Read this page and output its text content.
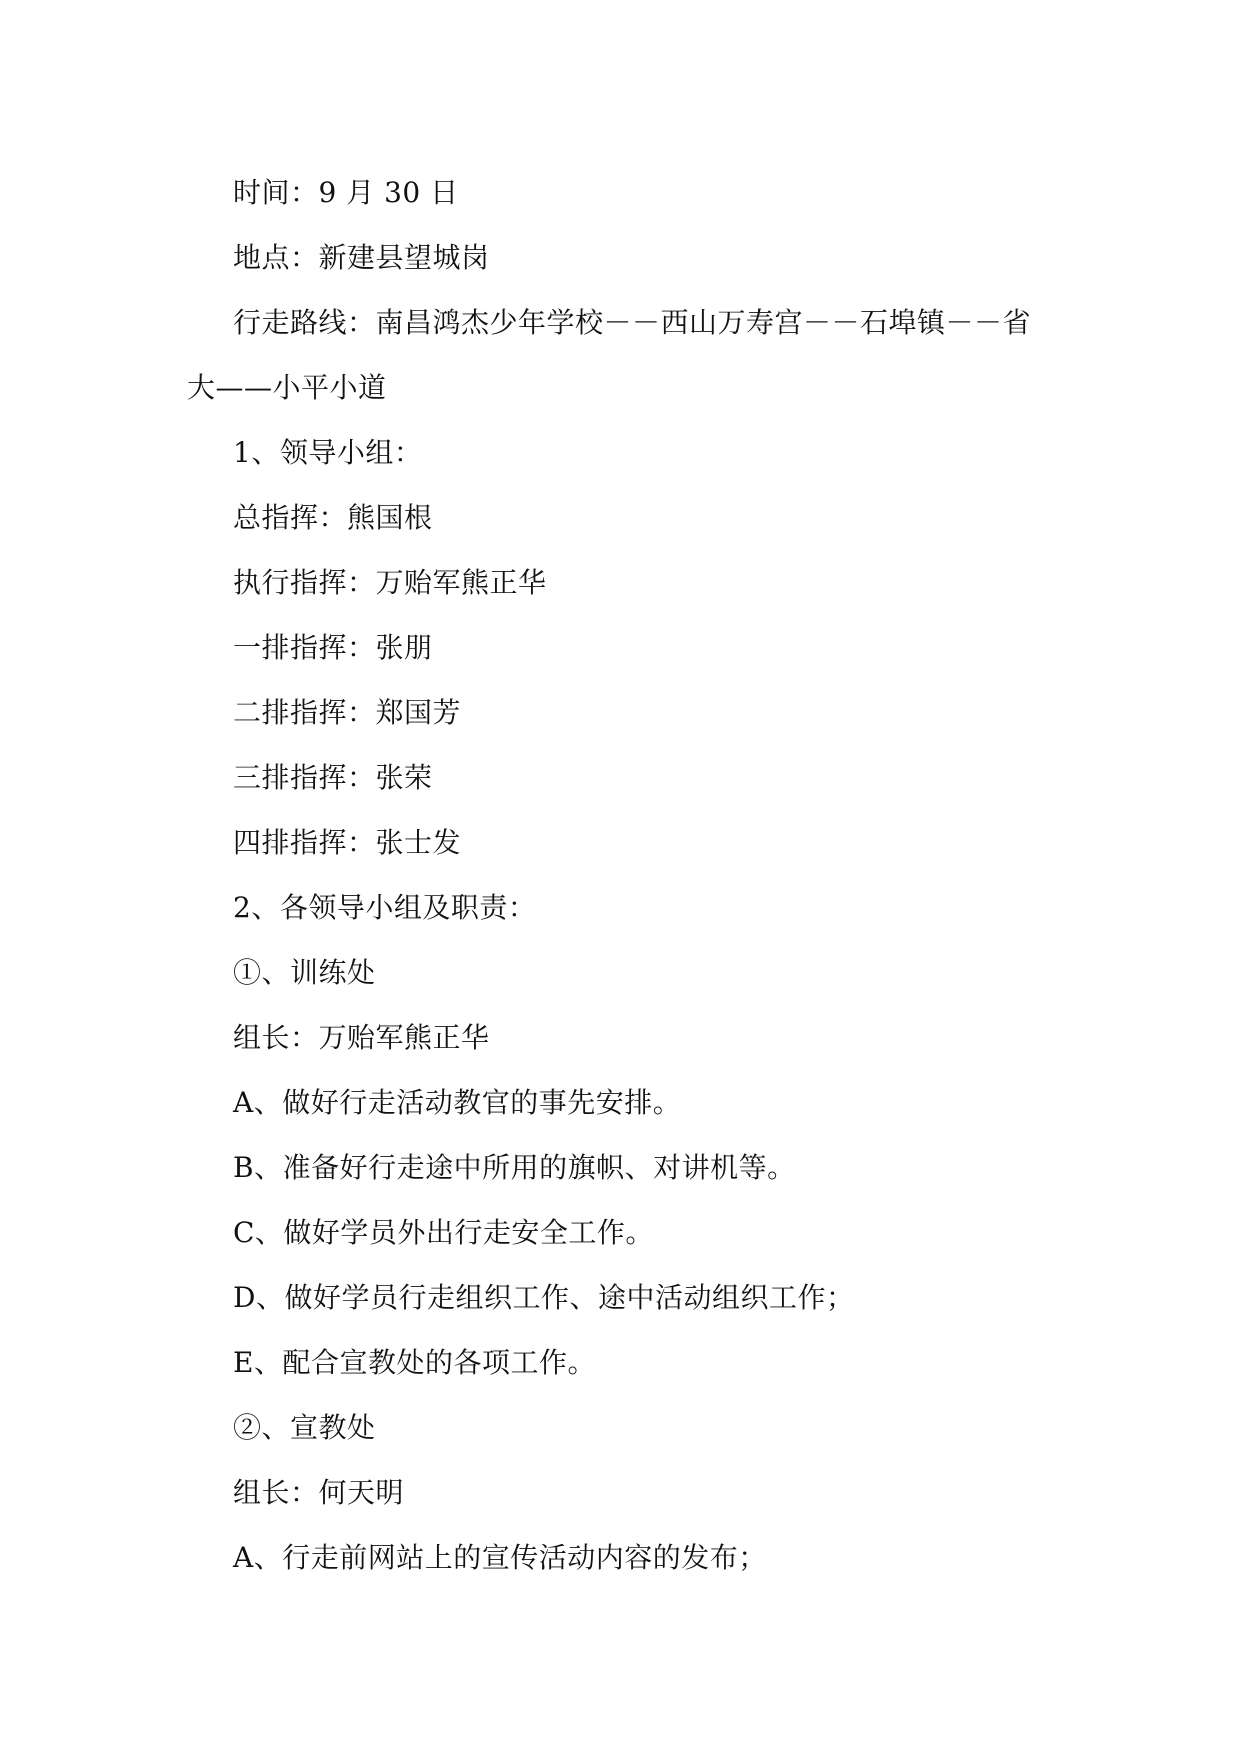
时间：9 月 30 日
地点：新建县望城岗
行走路线：南昌鸿杰少年学校－－西山万寿宫－－石埠镇－－省
大——小平小道
1、领导小组：
总指挥：熊国根
执行指挥：万贻军熊正华
一排指挥：张朋
二排指挥：郑国芳
三排指挥：张荣
四排指挥：张士发
2、各领导小组及职责：
①、训练处
组长：万贻军熊正华
A、做好行走活动教官的事先安排。
B、准备好行走途中所用的旗帜、对讲机等。
C、做好学员外出行走安全工作。
D、做好学员行走组织工作、途中活动组织工作；
E、配合宣教处的各项工作。
②、宣教处
组长：何天明
A、行走前网站上的宣传活动内容的发布；
